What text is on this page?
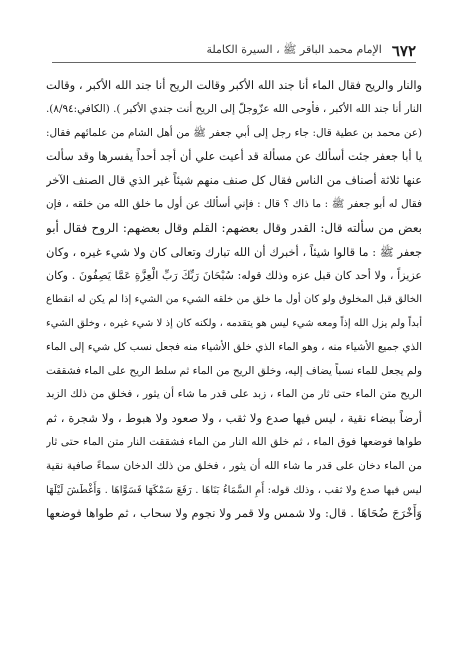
٦٧٢
الإمام محمد الباقر ﷺ ، السيرة الكاملة
والنار والريح فقال الماء أنا جند الله الأكبر وقالت الريح أنا جند الله الأكبر ، وقالت
النار أنا جند الله الأكبر ، فأوحى الله عزّوجلّ إلى الريح أنت جندي الأكبر ). (الكافي:٨/٩٤).
(عن محمد بن عطية قال: جاء رجل إلى أبي جعفر ﷺ من أهل الشام من علمائهم فقال:
يا أبا جعفر جئت أسألك عن مسألة قد أعيت علي أن أجد أحداً يفسرها وقد سألت
عنها ثلاثة أصناف من الناس فقال كل صنف منهم شيئاً غير الذي قال الصنف الآخر
فقال له أبو جعفر ﷺ : ما ذاك ؟ قال : فإني أسألك عن أول ما خلق الله من خلقه ، فإن
بعض من سألته قال: القدر وقال بعضهم: القلم وقال بعضهم: الروح فقال أبو
جعفر ﷺ : ما قالوا شيئاً ، أخبرك أن الله تبارك وتعالى كان ولا شيء غيره ، وكان
عزيزاً ، ولا أحد كان قبل عزه وذلك قوله: سُبْحَانَ رَبِّكَ رَبِّ الْعِزَّةِ عَمَّا يَصِفُونَ . وكان
الخالق قبل المخلوق ولو كان أول ما خلق من خلقه الشيء من الشيء إذا لم يكن له انقطاع
أبداً ولم يزل الله إذاً ومعه شيء ليس هو يتقدمه ، ولكنه كان إذ لا شيء غيره ، وخلق الشيء
الذي جميع الأشياء منه ، وهو الماء الذي خلق الأشياء منه فجعل نسب كل شيء إلى الماء
ولم يجعل للماء نسباً يضاف إليه، وخلق الريح من الماء ثم سلط الريح على الماء فشققت
الريح متن الماء حتى ثار من الماء ، زبد على قدر ما شاء أن يثور ، فخلق من ذلك الزبد
أرضاً بيضاء نقية ، ليس فيها صدع ولا ثقب ، ولا صعود ولا هبوط ، ولا شجرة ، ثم
طواها فوضعها فوق الماء ، ثم خلق الله النار من الماء فشققت النار متن الماء حتى ثار
من الماء دخان على قدر ما شاء الله أن يثور ، فخلق من ذلك الدخان سماءً صافية نقية
ليس فيها صدع ولا ثقب ، وذلك قوله: أَمِ السَّمَاءُ بَنَاهَا . رَفَعَ سَمْكَهَا فَسَوَّاهَا . وَأَغْطَشَ لَيْلَهَا
وَأَخْرَجَ ضُحَاهَا . قال: ولا شمس ولا قمر ولا نجوم ولا سحاب ، ثم طواها فوضعها
